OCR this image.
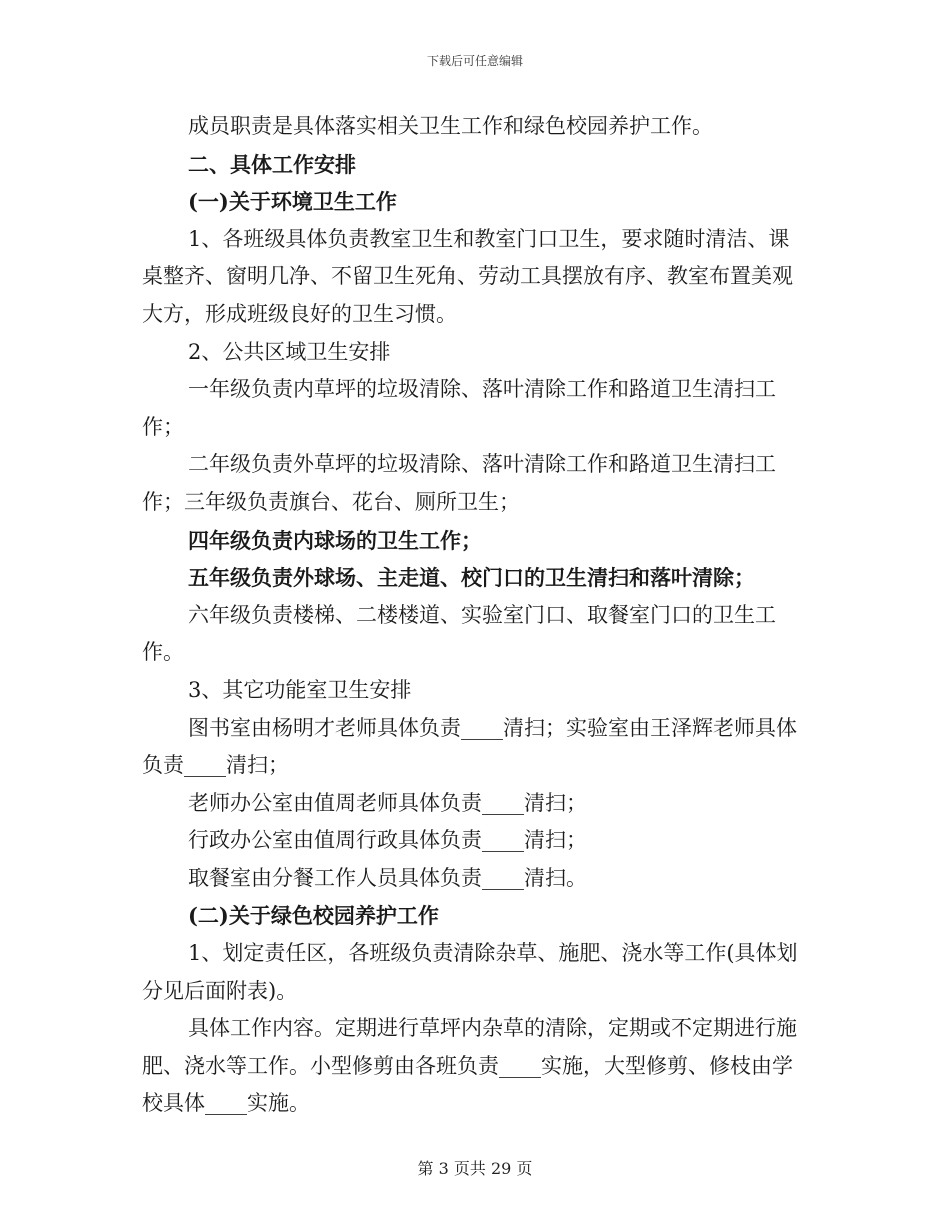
下载后可任意编辑

成员职责是具体落实相关卫生工作和绿色校园养护工作。

二、具体工作安排

(一)关于环境卫生工作

1、各班级具体负责教室卫生和教室门口卫生，要求随时清洁、课桌整齐、窗明几净、不留卫生死角、劳动工具摆放有序、教室布置美观大方，形成班级良好的卫生习惯。

2、公共区域卫生安排

一年级负责内草坪的垃圾清除、落叶清除工作和路道卫生清扫工作；

二年级负责外草坪的垃圾清除、落叶清除工作和路道卫生清扫工作；三年级负责旗台、花台、厕所卫生；

四年级负责内球场的卫生工作；

五年级负责外球场、主走道、校门口的卫生清扫和落叶清除；

六年级负责楼梯、二楼楼道、实验室门口、取餐室门口的卫生工作。

3、其它功能室卫生安排

图书室由杨明才老师具体负责____清扫；实验室由王泽辉老师具体负责____清扫；

老师办公室由值周老师具体负责____清扫；

行政办公室由值周行政具体负责____清扫；

取餐室由分餐工作人员具体负责____清扫。

(二)关于绿色校园养护工作

1、划定责任区，各班级负责清除杂草、施肥、浇水等工作(具体划分见后面附表)。

具体工作内容。定期进行草坪内杂草的清除，定期或不定期进行施肥、浇水等工作。小型修剪由各班负责____实施，大型修剪、修枝由学校具体____实施。

第 3 页共 29 页
